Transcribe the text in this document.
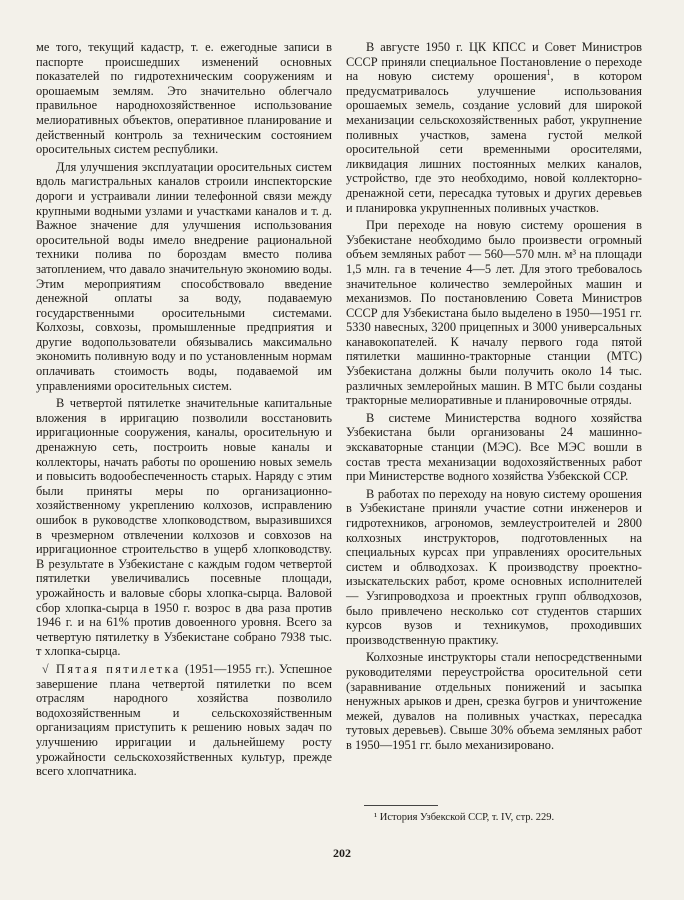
ме того, текущий кадастр, т. е. ежегодные записи в паспорте происшедших изменений основных показателей по гидротехническим сооружениям и орошаемым землям. Это значительно облегчало правильное народнохозяйственное использование мелиоративных объектов, оперативное планирование и действенный контроль за техническим состоянием оросительных систем республики.

Для улучшения эксплуатации оросительных систем вдоль магистральных каналов строили инспекторские дороги и устраивали линии телефонной связи между крупными водными узлами и участками каналов и т. д. Важное значение для улучшения использования оросительной воды имело внедрение рациональной техники полива по бороздам вместо полива затоплением, что давало значительную экономию воды. Этим мероприятиям способствовало введение денежной оплаты за воду, подаваемую государственными оросительными системами. Колхозы, совхозы, промышленные предприятия и другие водопользователи обязывались максимально экономить поливную воду и по установленным нормам оплачивать стоимость воды, подаваемой им управлениями оросительных систем.

В четвертой пятилетке значительные капитальные вложения в ирригацию позволили восстановить ирригационные сооружения, каналы, оросительную и дренажную сеть, построить новые каналы и коллекторы, начать работы по орошению новых земель и повысить водообеспеченность старых. Наряду с этим были приняты меры по организационно-хозяйственному укреплению колхозов, исправлению ошибок в руководстве хлопководством, выразившихся в чрезмерном отвлечении колхозов и совхозов на ирригационное строительство в ущерб хлопководству. В результате в Узбекистане с каждым годом четвертой пятилетки увеличивались посевные площади, урожайность и валовые сборы хлопка-сырца. Валовой сбор хлопка-сырца в 1950 г. возрос в два раза против 1946 г. и на 61% против довоенного уровня. Всего за четвертую пятилетку в Узбекистане собрано 7938 тыс. т хлопка-сырца.

√ Пятая пятилетка (1951—1955 гг.). Успешное завершение плана четвертой пятилетки по всем отраслям народного хозяйства позволило водохозяйственным и сельскохозяйственным организациям приступить к решению новых задач по улучшению ирригации и дальнейшему росту урожайности сельскохозяйственных культур, прежде всего хлопчатника.

В августе 1950 г. ЦК КПСС и Совет Министров СССР приняли специальное Постановление о переходе на новую систему орошения$^1$, в котором предусматривалось улучшение использования орошаемых земель, создание условий для широкой механизации сельскохозяйственных работ, укрупнение поливных участков, замена густой мелкой оросительной сети временными оросителями, ликвидация лишних постоянных мелких каналов, устройство, где это необходимо, новой коллекторно-дренажной сети, пересадка тутовых и других деревьев и планировка укрупненных поливных участков.

При переходе на новую систему орошения в Узбекистане необходимо было произвести огромный объем земляных работ — 560—570 млн. м³ на площади 1,5 млн. га в течение 4—5 лет. Для этого требовалось значительное количество землеройных машин и механизмов. По постановлению Совета Министров СССР для Узбекистана было выделено в 1950—1951 гг. 5330 навесных, 3200 прицепных и 3000 универсальных канавокопателей. К началу первого года пятой пятилетки машинно-тракторные станции (МТС) Узбекистана должны были получить около 14 тыс. различных землеройных машин. В МТС были созданы тракторные мелиоративные и планировочные отряды.

В системе Министерства водного хозяйства Узбекистана были организованы 24 машинно-экскаваторные станции (МЭС). Все МЭС вошли в состав треста механизации водохозяйственных работ при Министерстве водного хозяйства Узбекской ССР.

В работах по переходу на новую систему орошения в Узбекистане приняли участие сотни инженеров и гидротехников, агрономов, землеустроителей и 2800 колхозных инструкторов, подготовленных на специальных курсах при управлениях оросительных систем и облводхозах. К производству проектно-изыскательских работ, кроме основных исполнителей — Узгипроводхоза и проектных групп облводхозов, было привлечено несколько сот студентов старших курсов вузов и техникумов, проходивших производственную практику.

Колхозные инструкторы стали непосредственными руководителями переустройства оросительной сети (заравнивание отдельных понижений и засыпка ненужных арыков и дрен, срезка бугров и уничтожение межей, дувалов на поливных участках, пересадка тутовых деревьев). Свыше 30% объема земляных работ в 1950—1951 гг. было механизировано.

¹ История Узбекской ССР, т. IV, стр. 229.

202
